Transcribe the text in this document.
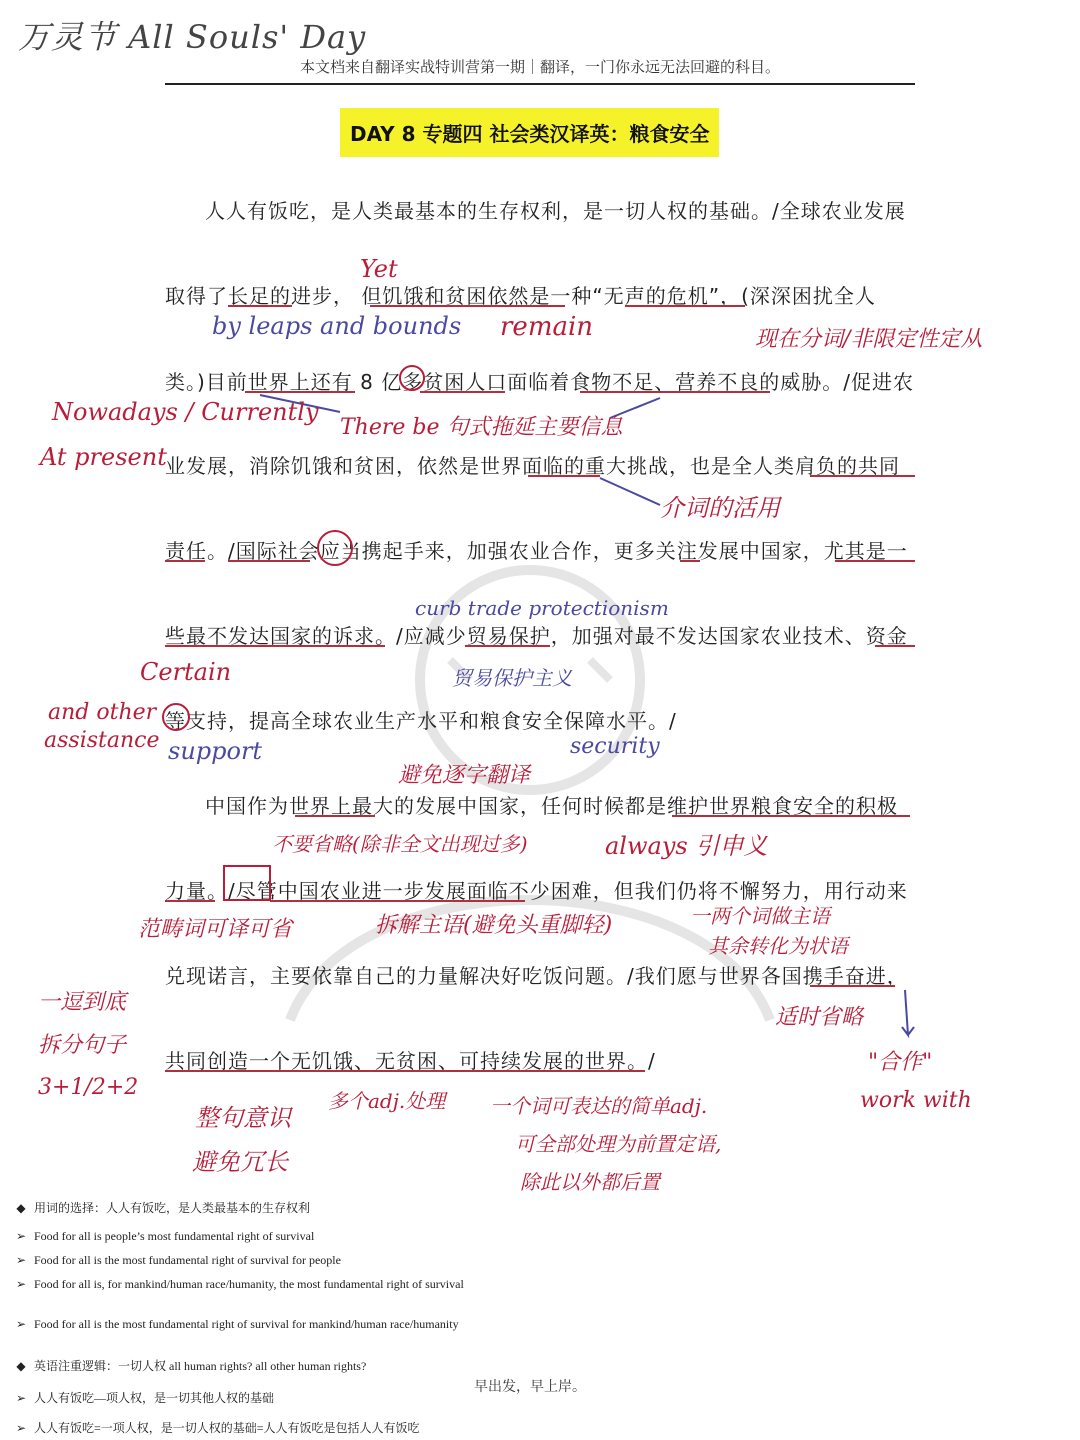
万灵节 All Souls' Day
本文档来自翻译实战特训营第一期｜翻译，一门你永远无法回避的科目。
DAY 8 专题四 社会类汉译英：粮食安全
人人有饭吃，是人类最基本的生存权利，是一切人权的基础。/全球农业发展
取得了长足的进步， 但饥饿和贫困依然是一种“无声的危机”，(深深困扰全人
类。)目前世界上还有 8 亿多贫困人口面临着食物不足、营养不良的威胁。/促进农
业发展，消除饥饿和贫困，依然是世界面临的重大挑战，也是全人类肩负的共同
责任。/国际社会应当携起手来，加强农业合作，更多关注发展中国家，尤其是一
些最不发达国家的诉求。/应减少贸易保护，加强对最不发达国家农业技术、资金
等支持，提高全球农业生产水平和粮食安全保障水平。/
中国作为世界上最大的发展中国家，任何时候都是维护世界粮食安全的积极
力量。/尽管中国农业进一步发展面临不少困难，但我们仍将不懈努力，用行动来
兑现诺言，主要依靠自己的力量解决好吃饭问题。/我们愿与世界各国携手奋进，
共同创造一个无饥饿、无贫困、可持续发展的世界。/
Yet
by leaps and bounds remain	现在分词/非限定性定从
Nowadays / Currently
There be 句式拖延主要信息
At present
介词的活用
curb trade protectionism
贸易保护主义
Certain
and other
assistance support	security
避免逐字翻译
不要省略(除非全文出现过多)	always 引申义
范畴词可译可省	拆解主语(避免头重脚轻)	一两个词做主语
其余转化为状语
一逗到底
拆分句子
3+1/2+2
适时省略
"合作"
work with
整句意识
避免冗长
多个adj.处理 一个词可表达的简单adj.
可全部处理为前置定语,
除此以外都后置
◆ 用词的选择：人人有饭吃，是人类最基本的生存权利
➢ Food for all is people’s most fundamental right of survival
➢ Food for all is the most fundamental right of survival for people
➢ Food for all is, for mankind/human race/humanity, the most fundamental right of survival
➢ Food for all is the most fundamental right of survival for mankind/human race/humanity
◆ 英语注重逻辑：一切人权 all human rights? all other human rights?
➢ 人人有饭吃—项人权，是一切其他人权的基础
➢ 人人有饭吃=一项人权，是一切人权的基础=人人有饭吃是包括人人有饭吃
早出发，早上岸。
